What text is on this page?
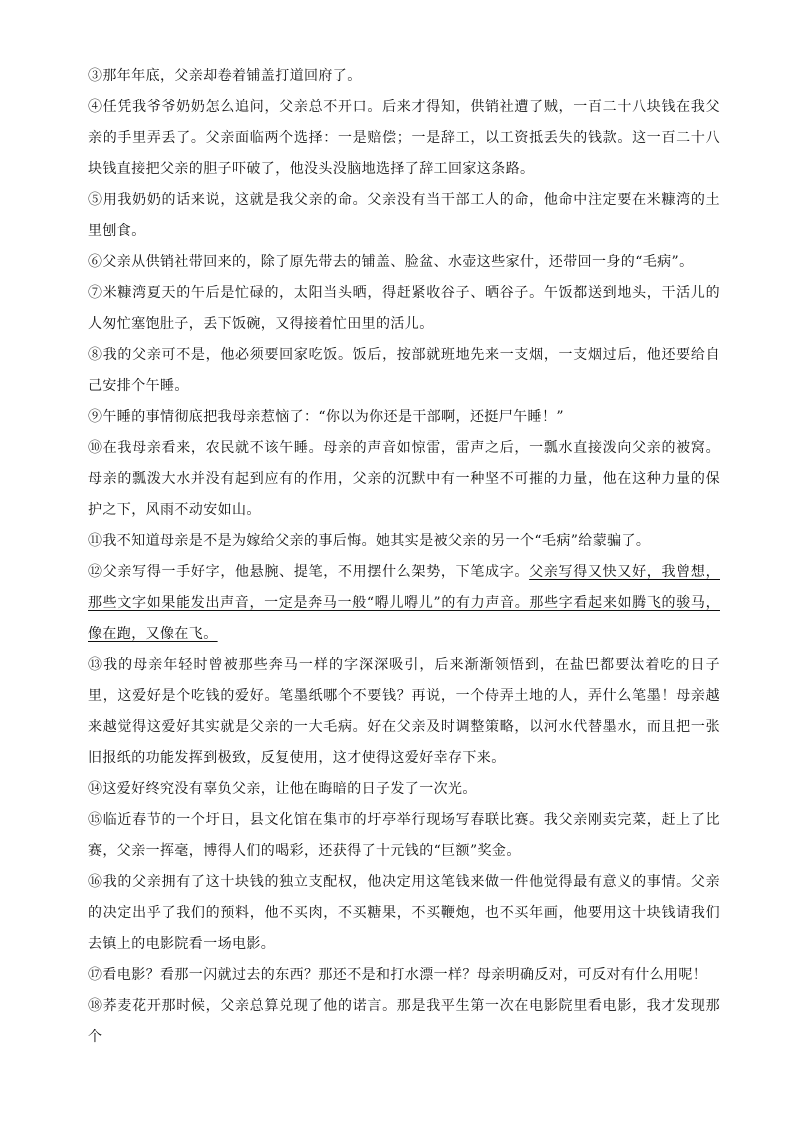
③那年年底，父亲却卷着铺盖打道回府了。

④任凭我爷爷奶奶怎么追问，父亲总不开口。后来才得知，供销社遭了贼，一百二十八块钱在我父亲的手里弄丢了。父亲面临两个选择：一是赔偿；一是辞工，以工资抵丢失的钱款。这一百二十八块钱直接把父亲的胆子吓破了，他没头没脑地选择了辞工回家这条路。

⑤用我奶奶的话来说，这就是我父亲的命。父亲没有当干部工人的命，他命中注定要在米糠湾的土里刨食。

⑥父亲从供销社带回来的，除了原先带去的铺盖、脸盆、水壶这些家什，还带回一身的“毛病”。

⑦米糠湾夏天的午后是忙碌的，太阳当头晒，得赶紧收谷子、晒谷子。午饭都送到地头，干活儿的人匆忙塞饱肚子，丢下饭碗，又得接着忙田里的活儿。

⑧我的父亲可不是，他必须要回家吃饭。饭后，按部就班地先来一支烟，一支烟过后，他还要给自己安排个午睡。

⑨午睡的事情彻底把我母亲惹恼了：“你以为你还是干部啊，还挺尸午睡！”

⑩在我母亲看来，农民就不该午睡。母亲的声音如惊雷，雷声之后，一瓢水直接泼向父亲的被窝。母亲的瓢泼大水并没有起到应有的作用，父亲的沉默中有一种坚不可摧的力量，他在这种力量的保护之下，风雨不动安如山。

⑪我不知道母亲是不是为嫁给父亲的事后悔。她其实是被父亲的另一个“毛病”给蒙骗了。

⑫父亲写得一手好字，他悬腕、提笔，不用摆什么架势，下笔成字。父亲写得又快又好，我曾想，那些文字如果能发出声音，一定是奔马一般“嘚儿嘚儿”的有力声音。那些字看起来如腾飞的骏马，像在跑，又像在飞。

⑬我的母亲年轻时曾被那些奔马一样的字深深吸引，后来渐渐领悟到，在盐巴都要汰着吃的日子里，这爱好是个吃钱的爱好。笔墨纸哪个不要钱？再说，一个侍弄土地的人，弄什么笔墨！母亲越来越觉得这爱好其实就是父亲的一大毛病。好在父亲及时调整策略，以河水代替墨水，而且把一张旧报纸的功能发挥到极致，反复使用，这才使得这爱好幸存下来。

⑭这爱好终究没有辜负父亲，让他在晦暗的日子发了一次光。

⑮临近春节的一个圩日，县文化馆在集市的圩亭举行现场写春联比赛。我父亲刚卖完菜，赶上了比赛，父亲一挥毫，博得人们的喝彩，还获得了十元钱的“巨额”奖金。

⑯我的父亲拥有了这十块钱的独立支配权，他决定用这笔钱来做一件他觉得最有意义的事情。父亲的决定出乎了我们的预料，他不买肉，不买糖果，不买鞭炮，也不买年画，他要用这十块钱请我们去镇上的电影院看一场电影。

⑰看电影？看那一闪就过去的东西？那还不是和打水漂一样？母亲明确反对，可反对有什么用呢！

⑱荞麦花开那时候，父亲总算兑现了他的诺言。那是我平生第一次在电影院里看电影，我才发现那个
